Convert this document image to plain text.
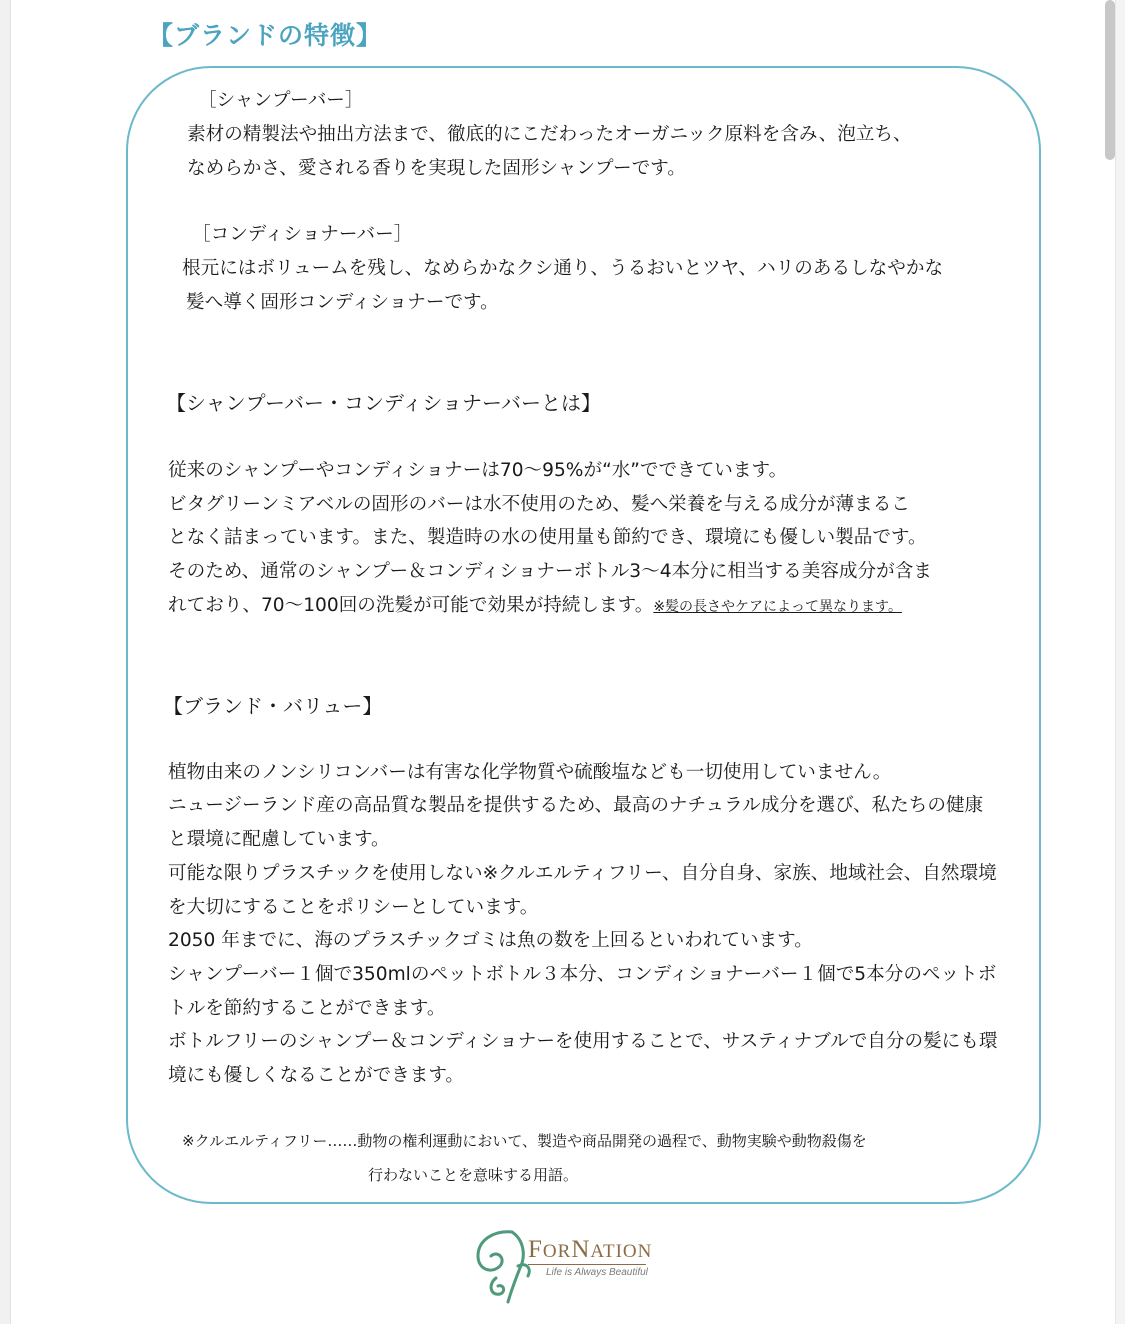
【ブランドの特徴】
［シャンプーバー］
素材の精製法や抽出方法まで、徹底的にこだわったオーガニック原料を含み、泡立ち、
なめらかさ、愛される香りを実現した固形シャンプーです。
［コンディショナーバー］
根元にはボリュームを残し、なめらかなクシ通り、うるおいとツヤ、ハリのあるしなやかな
髪へ導く固形コンディショナーです。
【シャンプーバー・コンディショナーバーとは】
従来のシャンプーやコンディショナーは70～95%が“水”でできています。
ビタグリーンミアベルの固形のバーは水不使用のため、髪へ栄養を与える成分が薄まるこ
となく詰まっています。また、製造時の水の使用量も節約でき、環境にも優しい製品です。
そのため、通常のシャンプー＆コンディショナーボトル3～4本分に相当する美容成分が含ま
れており、70～100回の洗髪が可能で効果が持続します。※髪の長さやケアによって異なります。
【ブランド・バリュー】
植物由来のノンシリコンバーは有害な化学物質や硫酸塩なども一切使用していません。
ニュージーランド産の高品質な製品を提供するため、最高のナチュラル成分を選び、私たちの健康
と環境に配慮しています。
可能な限りプラスチックを使用しない※クルエルティフリー、自分自身、家族、地域社会、自然環境
を大切にすることをポリシーとしています。
2050 年までに、海のプラスチックゴミは魚の数を上回るといわれています。
シャンプーバー１個で350mlのペットボトル３本分、コンディショナーバー１個で5本分のペットボ
トルを節約することができます。
ボトルフリーのシャンプー＆コンディショナーを使用することで、サスティナブルで自分の髪にも環
境にも優しくなることができます。
※クルエルティフリー……動物の権利運動において、製造や商品開発の過程で、動物実験や動物殺傷を
行わないことを意味する用語。
FORNATION
Life is Always Beautiful
